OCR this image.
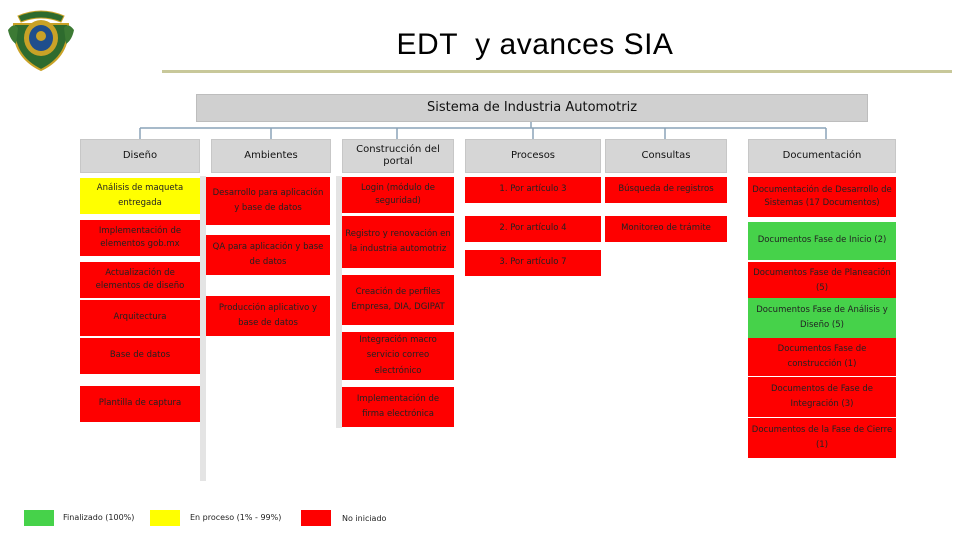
EDT  y avances SIA
Sistema de Industria Automotriz
Diseño	Ambientes
Construcción del portal
Procesos	Consultas	Documentación
Análisis de maqueta entregada
Implementación de elementos gob.mx
Actualización de elementos de diseño
Arquitectura
Base de datos
Plantilla de captura
Desarrollo para aplicación y base de datos
QA para aplicación y base de datos
Producción aplicativo y base de datos
Login (módulo de seguridad)
Registro y renovación en la industria automotriz
Creación de perfiles Empresa, DIA, DGIPAT
Integración macro servicio correo electrónico
Implementación de firma electrónica
1. Por artículo 3
2. Por artículo 4
3. Por artículo 7
Búsqueda de registros
Monitoreo de trámite
Documentación de Desarrollo de Sistemas (17 Documentos)
Documentos Fase de Inicio (2)
Documentos Fase de Planeación (5)
Documentos Fase de Análisis y Diseño (5)
Documentos Fase de construcción (1)
Documentos de Fase de Integración (3)
Documentos de la Fase de Cierre (1)
Finalizado (100%)	En proceso (1% - 99%)	No iniciado
